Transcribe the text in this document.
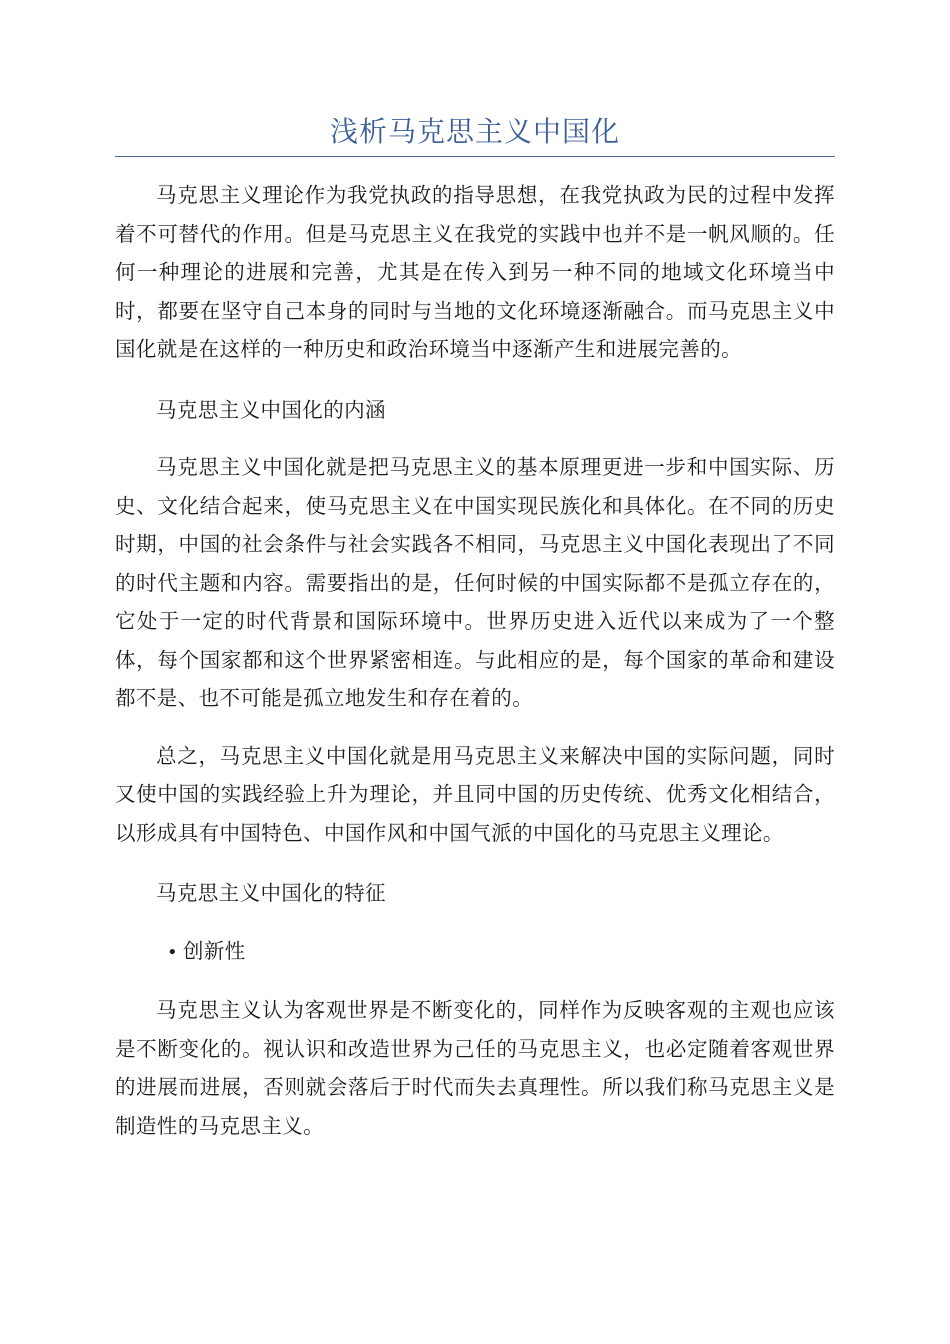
浅析马克思主义中国化

马克思主义理论作为我党执政的指导思想，在我党执政为民的过程中发挥着不可替代的作用。但是马克思主义在我党的实践中也并不是一帆风顺的。任何一种理论的进展和完善，尤其是在传入到另一种不同的地域文化环境当中时，都要在坚守自己本身的同时与当地的文化环境逐渐融合。而马克思主义中国化就是在这样的一种历史和政治环境当中逐渐产生和进展完善的。

马克思主义中国化的内涵

马克思主义中国化就是把马克思主义的基本原理更进一步和中国实际、历史、文化结合起来，使马克思主义在中国实现民族化和具体化。在不同的历史时期，中国的社会条件与社会实践各不相同，马克思主义中国化表现出了不同的时代主题和内容。需要指出的是，任何时候的中国实际都不是孤立存在的，它处于一定的时代背景和国际环境中。世界历史进入近代以来成为了一个整体，每个国家都和这个世界紧密相连。与此相应的是，每个国家的革命和建设都不是、也不可能是孤立地发生和存在着的。

总之，马克思主义中国化就是用马克思主义来解决中国的实际问题，同时又使中国的实践经验上升为理论，并且同中国的历史传统、优秀文化相结合，以形成具有中国特色、中国作风和中国气派的中国化的马克思主义理论。

马克思主义中国化的特征

• 创新性

马克思主义认为客观世界是不断变化的，同样作为反映客观的主观也应该是不断变化的。视认识和改造世界为己任的马克思主义，也必定随着客观世界的进展而进展，否则就会落后于时代而失去真理性。所以我们称马克思主义是制造性的马克思主义。
